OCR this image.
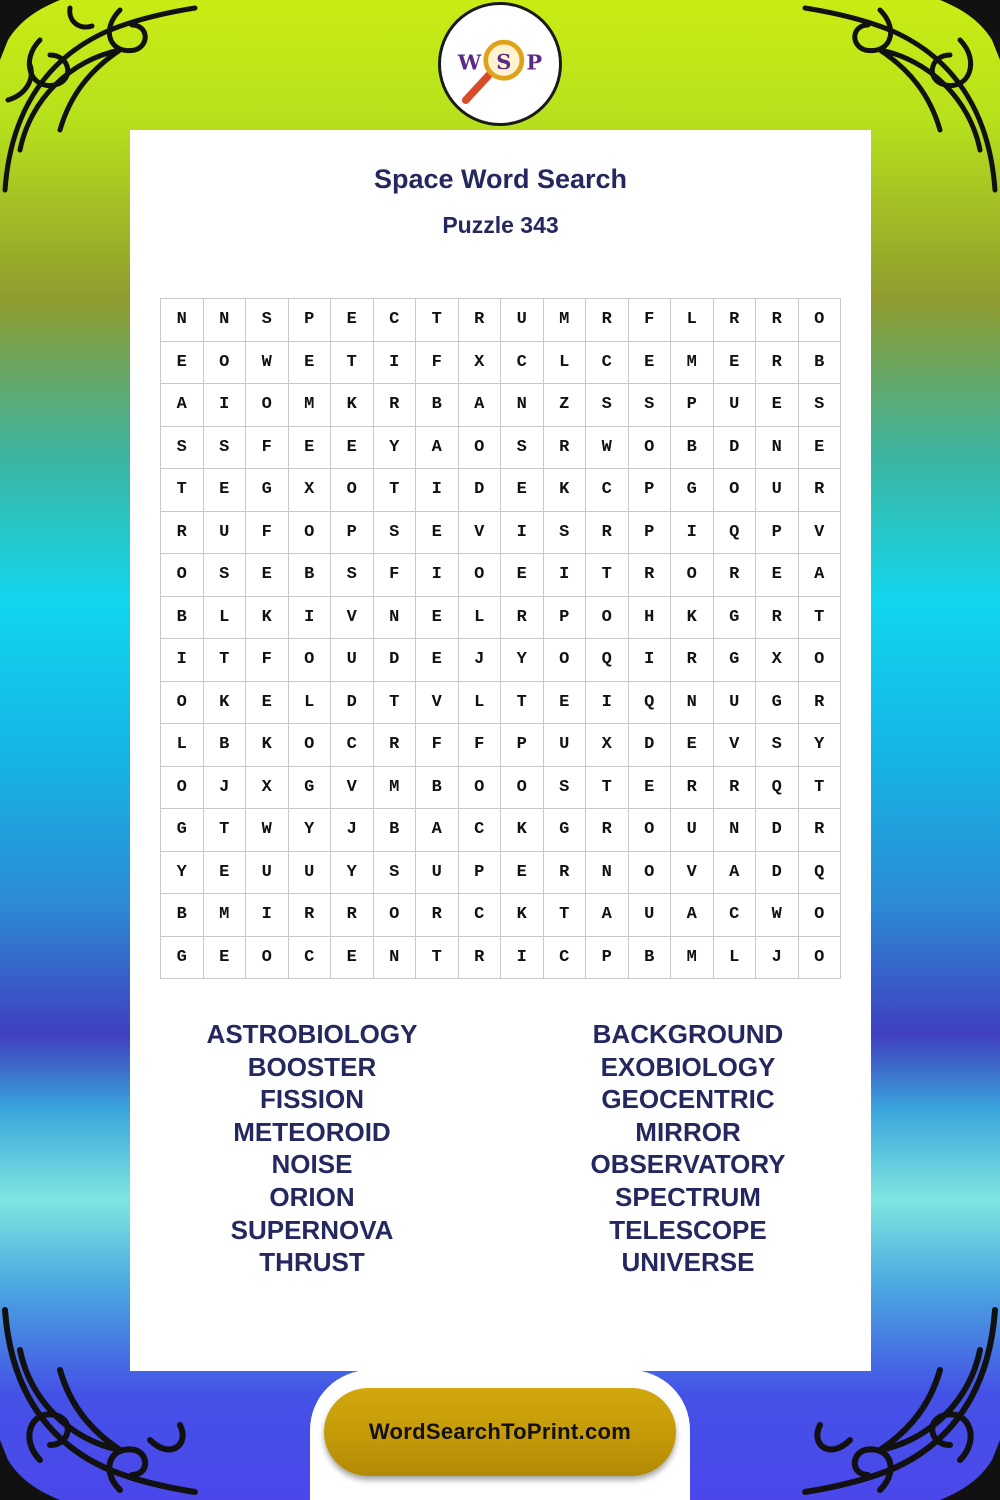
W S P
Space Word Search
Puzzle 343
N	N	S	P	E	C	T	R	U	M	R	F	L	R	R	O
E	O	W	E	T	I	F	X	C	L	C	E	M	E	R	B
A	I	O	M	K	R	B	A	N	Z	S	S	P	U	E	S
S	S	F	E	E	Y	A	O	S	R	W	O	B	D	N	E
T	E	G	X	O	T	I	D	E	K	C	P	G	O	U	R
R	U	F	O	P	S	E	V	I	S	R	P	I	Q	P	V
O	S	E	B	S	F	I	O	E	I	T	R	O	R	E	A
B	L	K	I	V	N	E	L	R	P	O	H	K	G	R	T
I	T	F	O	U	D	E	J	Y	O	Q	I	R	G	X	O
O	K	E	L	D	T	V	L	T	E	I	Q	N	U	G	R
L	B	K	O	C	R	F	F	P	U	X	D	E	V	S	Y
O	J	X	G	V	M	B	O	O	S	T	E	R	R	Q	T
G	T	W	Y	J	B	A	C	K	G	R	O	U	N	D	R
Y	E	U	U	Y	S	U	P	E	R	N	O	V	A	D	Q
B	M	I	R	R	O	R	C	K	T	A	U	A	C	W	O
G	E	O	C	E	N	T	R	I	C	P	B	M	L	J	O
ASTROBIOLOGY
BOOSTER
FISSION
METEOROID
NOISE
ORION
SUPERNOVA
THRUST
BACKGROUND
EXOBIOLOGY
GEOCENTRIC
MIRROR
OBSERVATORY
SPECTRUM
TELESCOPE
UNIVERSE
WordSearchToPrint.com
